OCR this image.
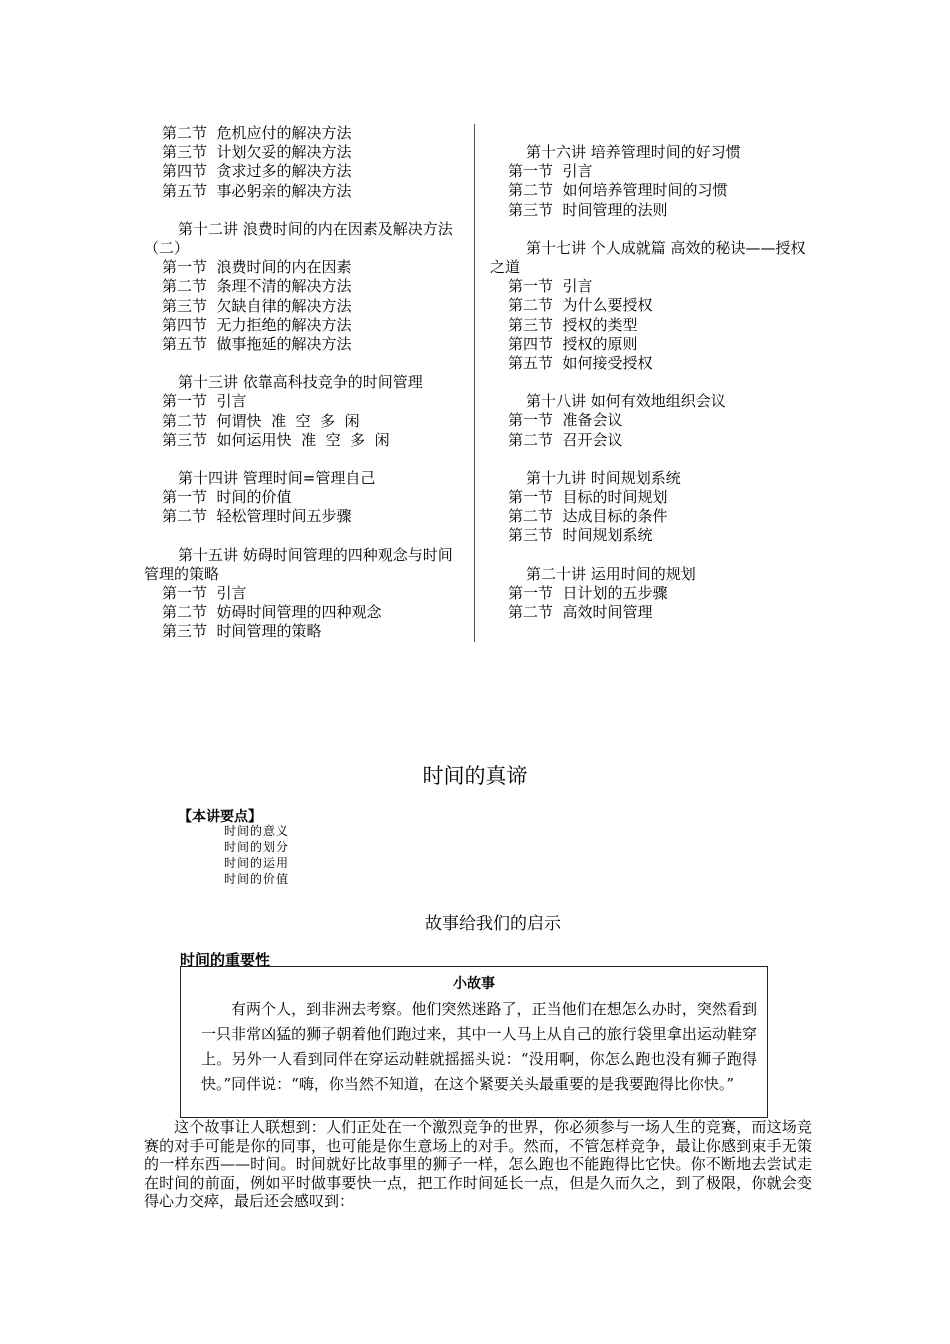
第二节  危机应付的解决方法
第三节  计划欠妥的解决方法
第四节  贪求过多的解决方法
第五节  事必躬亲的解决方法
第十二讲 浪费时间的内在因素及解决方法（二）
第一节  浪费时间的内在因素
第二节  条理不清的解决方法
第三节  欠缺自律的解决方法
第四节  无力拒绝的解决方法
第五节  做事拖延的解决方法
第十三讲 依靠高科技竞争的时间管理
第一节  引言
第二节  何谓快  准  空  多  闲
第三节  如何运用快  准  空  多  闲
第十四讲 管理时间=管理自己
第一节  时间的价值
第二节  轻松管理时间五步骤
第十五讲 妨碍时间管理的四种观念与时间管理的策略
第一节  引言
第二节  妨碍时间管理的四种观念
第三节  时间管理的策略
第十六讲 培养管理时间的好习惯
第一节  引言
第二节  如何培养管理时间的习惯
第三节  时间管理的法则
第十七讲 个人成就篇 高效的秘诀——授权之道
第一节  引言
第二节  为什么要授权
第三节  授权的类型
第四节  授权的原则
第五节  如何接受授权
第十八讲 如何有效地组织会议
第一节  准备会议
第二节  召开会议
第十九讲 时间规划系统
第一节  目标的时间规划
第二节  达成目标的条件
第三节  时间规划系统
第二十讲 运用时间的规划
第一节  日计划的五步骤
第二节  高效时间管理
时间的真谛
【本讲要点】
时间的意义
时间的划分
时间的运用
时间的价值
故事给我们的启示
时间的重要性
小故事
有两个人，到非洲去考察。他们突然迷路了，正当他们在想怎么办时，突然看到一只非常凶猛的狮子朝着他们跑过来，其中一人马上从自己的旅行袋里拿出运动鞋穿上。另外一人看到同伴在穿运动鞋就摇摇头说：“没用啊，你怎么跑也没有狮子跑得快。”同伴说：“嗨，你当然不知道，在这个紧要关头最重要的是我要跑得比你快。”
这个故事让人联想到：人们正处在一个激烈竞争的世界，你必须参与一场人生的竞赛，而这场竞赛的对手可能是你的同事，也可能是你生意场上的对手。然而，不管怎样竞争，最让你感到束手无策的一样东西——时间。时间就好比故事里的狮子一样，怎么跑也不能跑得比它快。你不断地去尝试走在时间的前面，例如平时做事要快一点，把工作时间延长一点，但是久而久之，到了极限，你就会变得心力交瘁，最后还会感叹到：
